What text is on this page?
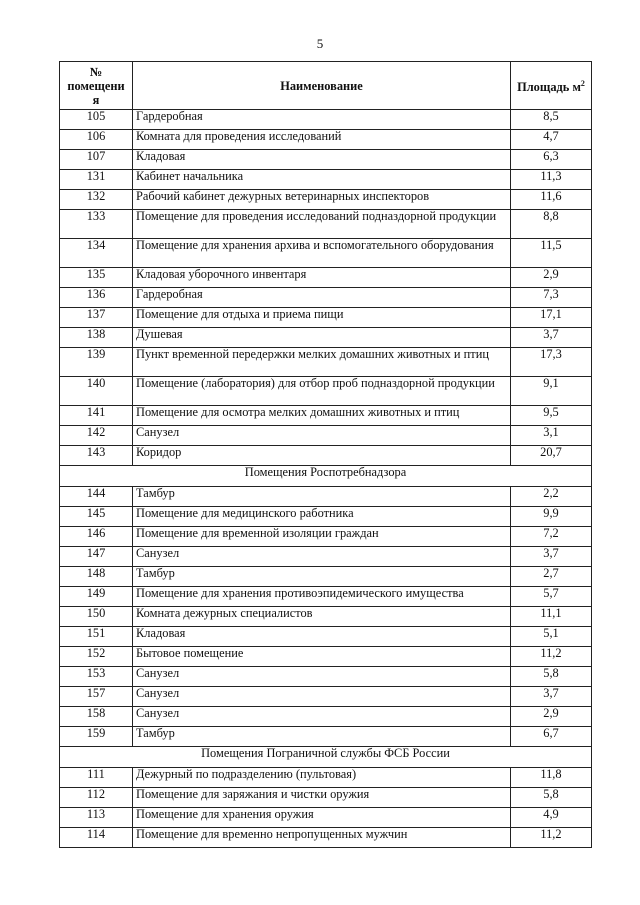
5
№
помещени
я	Наименование	Площадь $м^2$
105	Гардеробная	8,5
106	Комната для проведения исследований	4,7
107	Кладовая	6,3
131	Кабинет начальника	11,3
132	Рабочий кабинет дежурных ветеринарных инспекторов	11,6
133	Помещение для проведения исследований подназдорной продукции	8,8
134	Помещение для хранения архива и вспомогательного оборудования	11,5
135	Кладовая уборочного инвентаря	2,9
136	Гардеробная	7,3
137	Помещение для отдыха и приема пищи	17,1
138	Душевая	3,7
139	Пункт временной передержки мелких домашних животных и птиц	17,3
140	Помещение (лаборатория) для отбор проб подназдорной продукции	9,1
141	Помещение для осмотра мелких домашних животных и птиц	9,5
142	Санузел	3,1
143	Коридор	20,7
Помещения Роспотребнадзора		
144	Тамбур	2,2
145	Помещение для медицинского работника	9,9
146	Помещение для временной изоляции граждан	7,2
147	Санузел	3,7
148	Тамбур	2,7
149	Помещение для хранения противоэпидемического имущества	5,7
150	Комната дежурных специалистов	11,1
151	Кладовая	5,1
152	Бытовое помещение	11,2
153	Санузел	5,8
157	Санузел	3,7
158	Санузел	2,9
159	Тамбур	6,7
Помещения Пограничной службы ФСБ России		
111	Дежурный по подразделению (пультовая)	11,8
112	Помещение для заряжания и чистки оружия	5,8
113	Помещение для хранения оружия	4,9
114	Помещение для временно непропущенных мужчин	11,2
